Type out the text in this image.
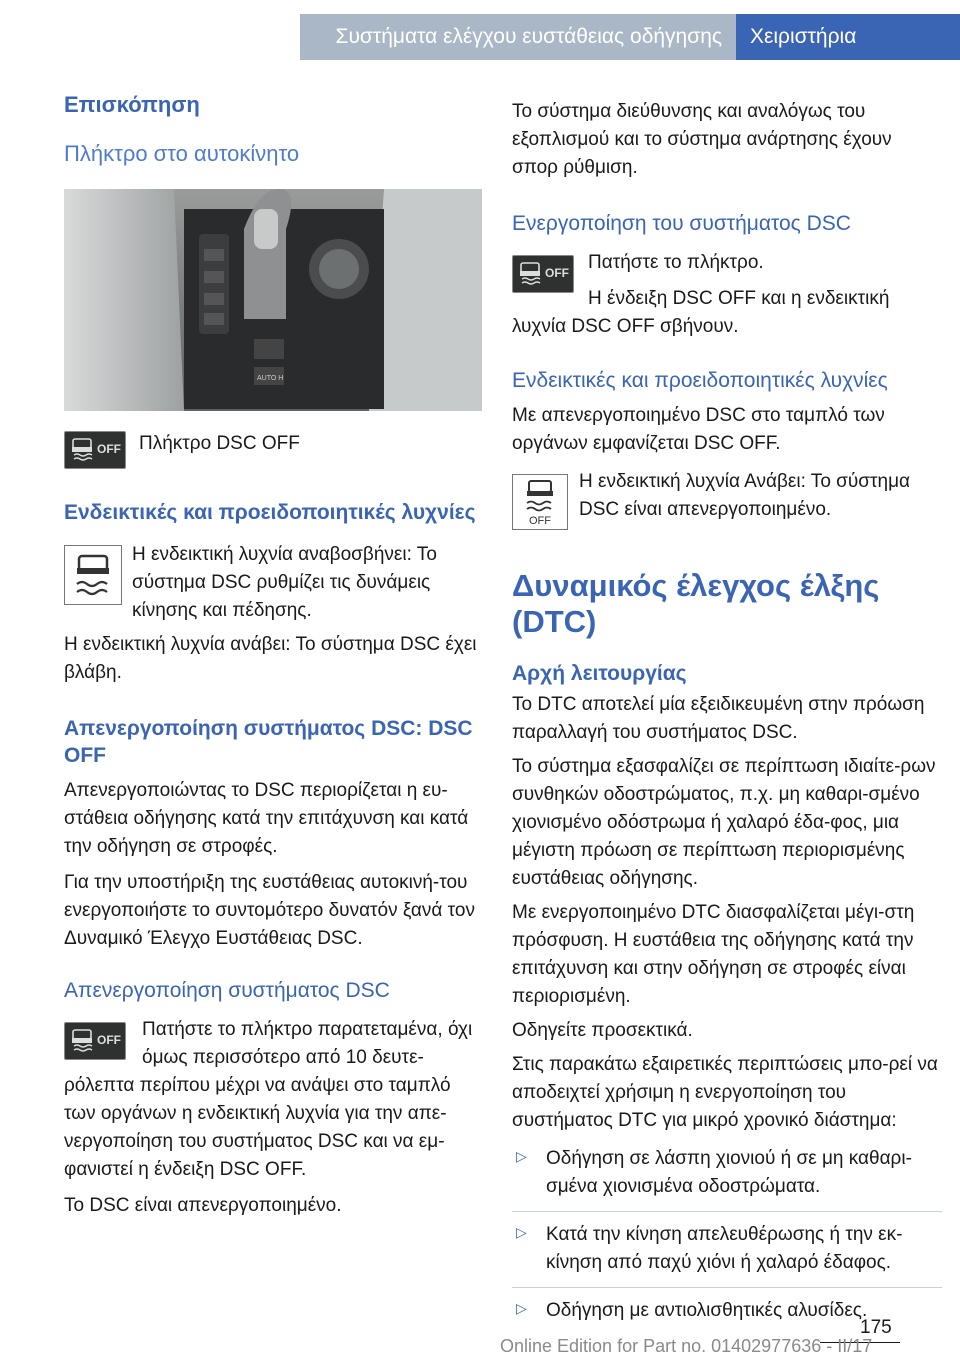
Συστήματα ελέγχου ευστάθειας οδήγησης	Χειριστήρια
Επισκόπηση
Πλήκτρο στο αυτοκίνητο
AUTO H
OFF Πλήκτρο DSC OFF
Ενδεικτικές και προειδοποιητικές λυχνίες

Η ενδεικτική λυχνία αναβοσβήνει: Το σύστημα DSC ρυθμίζει τις δυνάμεις κίνησης και πέδησης.

Η ενδεικτική λυχνία ανάβει: Το σύστημα DSC έχει βλάβη.

Απενεργοποίηση συστήματος DSC: DSC OFF

Απενεργοποιώντας το DSC περιορίζεται η ευ-στάθεια οδήγησης κατά την επιτάχυνση και κατά την οδήγηση σε στροφές.

Για την υποστήριξη της ευστάθειας αυτοκινή-του ενεργοποιήστε το συντομότερο δυνατόν ξανά τον Δυναμικό Έλεγχο Ευστάθειας DSC.

Απενεργοποίηση συστήματος DSC
OFF	Πατήστε το πλήκτρο παρατεταμένα, όχι όμως περισσότερο από 10 δευτε-ρόλεπτα περίπου μέχρι να ανάψει στο ταμπλό των οργάνων η ενδεικτική λυχνία για την απε-νεργοποίηση του συστήματος DSC και να εμ-φανιστεί η ένδειξη DSC OFF.

Το DSC είναι απενεργοποιημένο.

Το σύστημα διεύθυνσης και αναλόγως του εξοπλισμού και το σύστημα ανάρτησης έχουν σπορ ρύθμιση.

Ενεργοποίηση του συστήματος DSC
OFF Πατήστε το πλήκτρο.

Η ένδειξη DSC OFF και η ενδεικτική λυχνία DSC OFF σβήνουν.

Ενδεικτικές και προειδοποιητικές λυχνίες

Με απενεργοποιημένο DSC στο ταμπλό των οργάνων εμφανίζεται DSC OFF.

OFF

Η ενδεικτική λυχνία Ανάβει: Το σύστημα DSC είναι απενεργοποιημένο.

Δυναμικός έλεγχος έλξης (DTC)
Αρχή λειτουργίας

Το DTC αποτελεί μία εξειδικευμένη στην πρόωση παραλλαγή του συστήματος DSC.

Το σύστημα εξασφαλίζει σε περίπτωση ιδιαίτε-ρων συνθηκών οδοστρώματος, π.χ. μη καθαρι-σμένο χιονισμένο οδόστρωμα ή χαλαρό έδα-φος, μια μέγιστη πρόωση σε περίπτωση περιορισμένης ευστάθειας οδήγησης.

Με ενεργοποιημένο DTC διασφαλίζεται μέγι-στη πρόσφυση. Η ευστάθεια της οδήγησης κατά την επιτάχυνση και στην οδήγηση σε στροφές είναι περιορισμένη.

Οδηγείτε προσεκτικά.

Στις παρακάτω εξαιρετικές περιπτώσεις μπο-ρεί να αποδειχτεί χρήσιμη η ενεργοποίηση του συστήματος DTC για μικρό χρονικό διάστημα:

▷ Οδήγηση σε λάσπη χιονιού ή σε μη καθαρι-σμένα χιονισμένα οδοστρώματα.

▷ Κατά την κίνηση απελευθέρωσης ή την εκ-κίνηση από παχύ χιόνι ή χαλαρό έδαφος.

▷ Οδήγηση με αντιολισθητικές αλυσίδες.

175
Online Edition for Part no. 01402977636 - II/17
